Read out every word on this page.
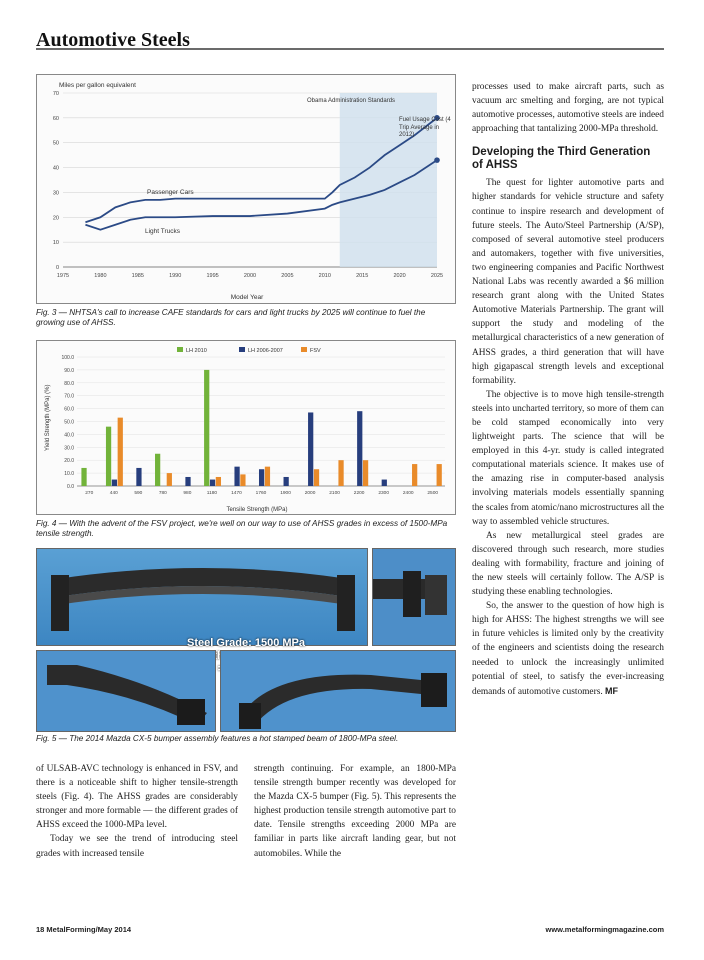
Automotive Steels
0
10
20
30
40
50
60
70
1975	1980	1985	1990	1995	2000	2005	2010	2015	2020	2025
Miles per gallon equivalent
Obama Administration Standards
Passenger Cars
Light Trucks
Model Year
Fuel Usage Cost (4 Trip Average in 2012)
Fig. 3 — NHTSA's call to increase CAFE standards for cars and light trucks by 2025 will continue to fuel the growing use of AHSS.
0.0
10.0
20.0
30.0
40.0
50.0
60.0
70.0
80.0
90.0
100.0
270	440	590	780	980	1180	1470	1760	1900	2000	2100	2200	2300	2400	2500
LH 2010	LH 2006-2007	FSV
Yield Strength (MPa) (%)
Tensile Strength (MPa)
Fig. 4 — With the advent of the FSV project, we're well on our way to use of AHSS grades in excess of 1500-MPa tensile strength.
Steel Grade: 1500 MPa
Fig. 5 — The 2014 Mazda CX-5 bumper assembly features a hot stamped beam of 1800-MPa steel.

of ULSAB-AVC technology is enhanced in FSV, and there is a noticeable shift to higher tensile-strength steels (Fig. 4). The AHSS grades are considerably stronger and more formable — the different grades of AHSS exceed the 1000-MPa level.

Today we see the trend of introducing steel grades with increased tensile

strength continuing. For example, an 1800-MPa tensile strength bumper recently was developed for the Mazda CX-5 bumper (Fig. 5). This represents the highest production tensile strength automotive part to date. Tensile strengths exceeding 2000 MPa are familiar in parts like aircraft landing gear, but not automobiles. While the

processes used to make aircraft parts, such as vacuum arc smelting and forging, are not typical automotive processes, automotive steels are indeed approaching that tantalizing 2000-MPa threshold.

Developing the Third Generation of AHSS

The quest for lighter automotive parts and higher standards for vehicle structure and safety continue to inspire research and development of future steels. The Auto/Steel Partnership (A/SP), composed of several automotive steel producers and automakers, together with five universities, two engineering companies and Pacific Northwest National Labs was recently awarded a $6 million research grant along with the United States Automotive Materials Partnership. The grant will support the study and modeling of the metallurgical characteristics of a new generation of AHSS grades, a third generation that will have high gigapascal strength levels and exceptional formability.

The objective is to move high tensile-strength steels into uncharted territory, so more of them can be cold stamped economically into very lightweight parts. The science that will be employed in this 4-yr. study is called integrated computational materials science. It makes use of the amazing rise in computer-based analysis involving materials models essentially spanning the scales from atomic/nano microstructures all the way to assembled vehicle structures.

As new metallurgical steel grades are discovered through such research, more studies dealing with formability, fracture and joining of the new steels will certainly follow. The A/SP is studying these enabling technologies.

So, the answer to the question of how high is high for AHSS: The highest strengths we will see in future vehicles is limited only by the creativity of the engineers and scientists doing the research needed to unlock the increasingly unlimited potential of steel, to satisfy the ever-increasing demands of automotive customers. MF

18 MetalForming/May 2014	www.metalformingmagazine.com
